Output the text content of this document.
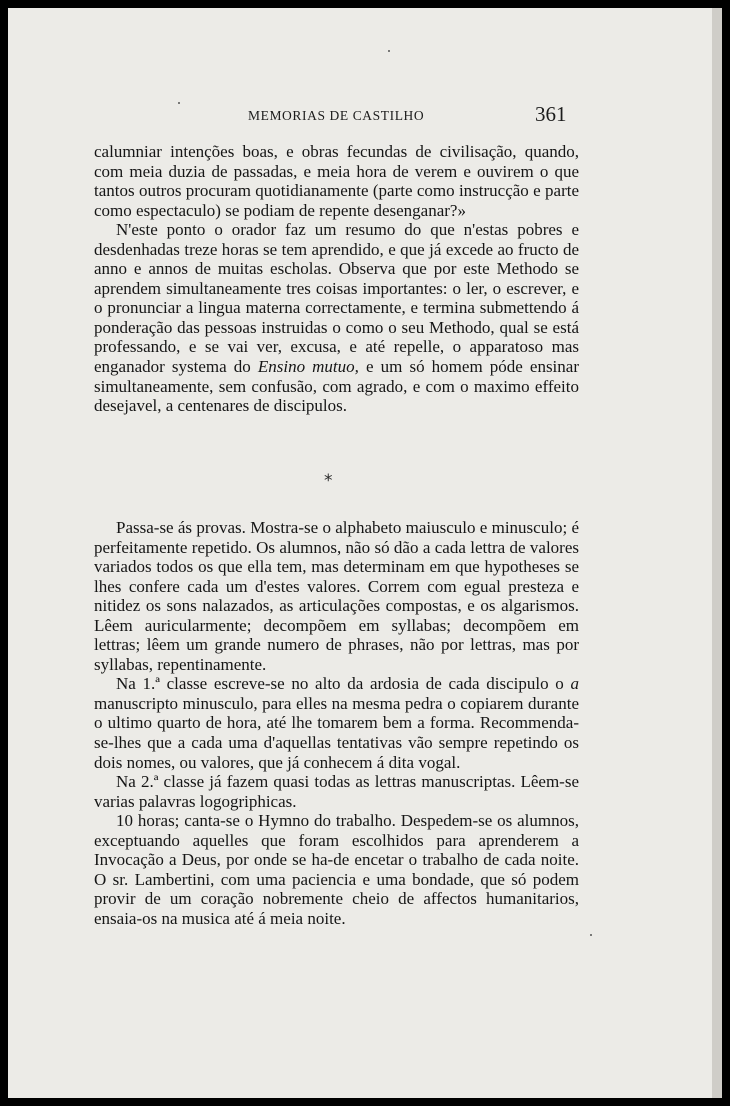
MEMORIAS DE CASTILHO	361

calumniar intenções boas, e obras fecundas de civilisação, quando, com meia duzia de passadas, e meia hora de verem e ouvirem o que tantos outros procuram quotidianamente (parte como instrucção e parte como espectaculo) se podiam de repente desenganar?»

N'este ponto o orador faz um resumo do que n'estas pobres e desdenhadas treze horas se tem aprendido, e que já excede ao fructo de anno e annos de muitas escholas. Observa que por este Methodo se aprendem simultaneamente tres coisas importantes: o ler, o escrever, e o pronunciar a lingua materna correctamente, e termina submettendo á ponderação das pessoas instruidas o como o seu Methodo, qual se está professando, e se vai ver, excusa, e até repelle, o apparatoso mas enganador systema do Ensino mutuo, e um só homem póde ensinar simultaneamente, sem confusão, com agrado, e com o maximo effeito desejavel, a centenares de discipulos.

*

Passa-se ás provas. Mostra-se o alphabeto maiusculo e minusculo; é perfeitamente repetido. Os alumnos, não só dão a cada lettra de valores variados todos os que ella tem, mas determinam em que hypotheses se lhes confere cada um d'estes valores. Correm com egual presteza e nitidez os sons nalazados, as articulações compostas, e os algarismos. Lêem auricularmente; decompõem em syllabas; decompõem em lettras; lêem um grande numero de phrases, não por lettras, mas por syllabas, repentinamente.

Na 1.ª classe escreve-se no alto da ardosia de cada discipulo o a manuscripto minusculo, para elles na mesma pedra o copiarem durante o ultimo quarto de hora, até lhe tomarem bem a forma. Recommenda-se-lhes que a cada uma d'aquellas tentativas vão sempre repetindo os dois nomes, ou valores, que já conhecem á dita vogal.

Na 2.ª classe já fazem quasi todas as lettras manuscriptas. Lêem-se varias palavras logogriphicas.

10 horas; canta-se o Hymno do trabalho. Despedem-se os alumnos, exceptuando aquelles que foram escolhidos para aprenderem a Invocação a Deus, por onde se ha-de encetar o trabalho de cada noite. O sr. Lambertini, com uma paciencia e uma bondade, que só podem provir de um coração nobremente cheio de affectos humanitarios, ensaia-os na musica até á meia noite.
